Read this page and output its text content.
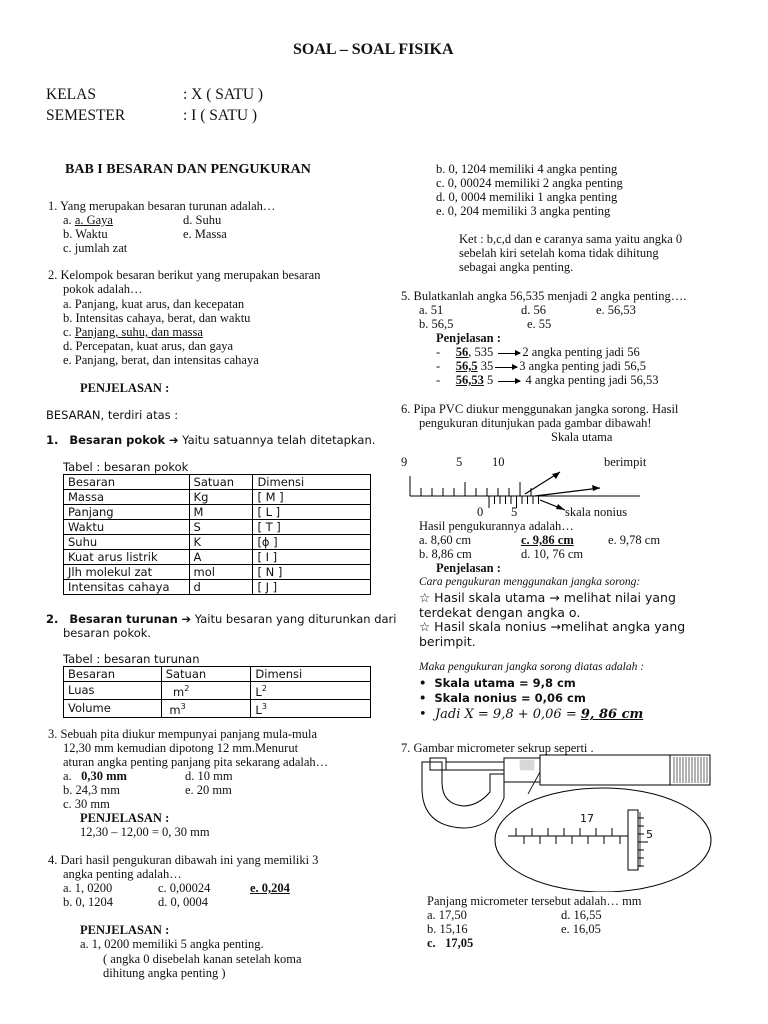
SOAL – SOAL FISIKA
KELAS	: X ( SATU )
SEMESTER	: I ( SATU )
BAB I BESARAN DAN PENGUKURAN
1. Yang merupakan besaran turunan adalah…
a. a. Gaya	d. Suhu
b. Waktu	e. Massa
c. jumlah zat
2. Kelompok besaran berikut yang merupakan besaran
pokok adalah…
a. Panjang, kuat arus, dan kecepatan
b. Intensitas cahaya, berat, dan waktu
c. Panjang, suhu, dan massa
d. Percepatan, kuat arus, dan gaya
e. Panjang, berat, dan intensitas cahaya
PENJELASAN :
BESARAN, terdiri atas :
1. Besaran pokok ➔ Yaitu satuannya telah ditetapkan.
Tabel : besaran pokok
Besaran	Satuan	Dimensi
Massa	Kg	[ M ]
Panjang	M	[ L ]
Waktu	S	[ T ]
Suhu	K	[ϕ ]
Kuat arus listrik	A	[ I ]
Jlh molekul zat	mol	[ N ]
Intensitas cahaya	d	[ J ]
2. Besaran turunan ➔ Yaitu besaran yang diturunkan dari
besaran pokok.
Tabel : besaran turunan
Besaran	Satuan	Dimensi
Luas	$m^2$	$L^2$
Volume	$m^3$	$L^3$
3. Sebuah pita diukur mempunyai panjang mula-mula
12,30 mm kemudian dipotong 12 mm.Menurut
aturan angka penting panjang pita sekarang adalah…
a. 0,30 mm	d. 10 mm
b. 24,3 mm	e. 20 mm
c. 30 mm
PENJELASAN :
12,30 – 12,00 = 0, 30 mm
4. Dari hasil pengukuran dibawah ini yang memiliki 3
angka penting adalah…
a. 1, 0200	c. 0,00024	e. 0,204
b. 0, 1204	d. 0, 0004
PENJELASAN :
a. 1, 0200 memiliki 5 angka penting.
( angka 0 disebelah kanan setelah koma
dihitung angka penting )
b. 0, 1204 memiliki 4 angka penting
c. 0, 00024 memiliki 2 angka penting
d. 0, 0004 memiliki 1 angka penting
e. 0, 204 memiliki 3 angka penting
Ket : b,c,d dan e caranya sama yaitu angka 0
sebelah kiri setelah koma tidak dihitung
sebagai angka penting.
5. Bulatkanlah angka 56,535 menjadi 2 angka penting….
a. 51	d. 56	e. 56,53
b. 56,5	e. 55
Penjelasan :
- 56, 535 2 angka penting jadi 56
- 56,5 35 3 angka penting jadi 56,5
- 56,53 5	4 angka penting jadi 56,53
6. Pipa PVC diukur menggunakan jangka sorong. Hasil
pengukuran ditunjukan pada gambar dibawah!
Skala utama
9	5 10	berimpit
0 5	skala nonius
Hasil pengukurannya adalah…
a. 8,60 cm	c. 9,86 cm	e. 9,78 cm
b. 8,86 cm	d. 10, 76 cm
Penjelasan :
Cara pengukuran menggunakan jangka sorong:
☆ Hasil skala utama → melihat nilai yang
terdekat dengan angka o.
☆ Hasil skala nonius →melihat angka yang
berimpit.
Maka pengukuran jangka sorong diatas adalah :
•  Skala utama = 9,8 cm
•  Skala nonius = 0,06 cm
•  Jadi X = 9,8 + 0,06 = 9, 86 cm
7. Gambar micrometer sekrup seperti .
17
5
Panjang micrometer tersebut adalah… mm
a. 17,50	d. 16,55
b. 15,16	e. 16,05
c. 17,05
